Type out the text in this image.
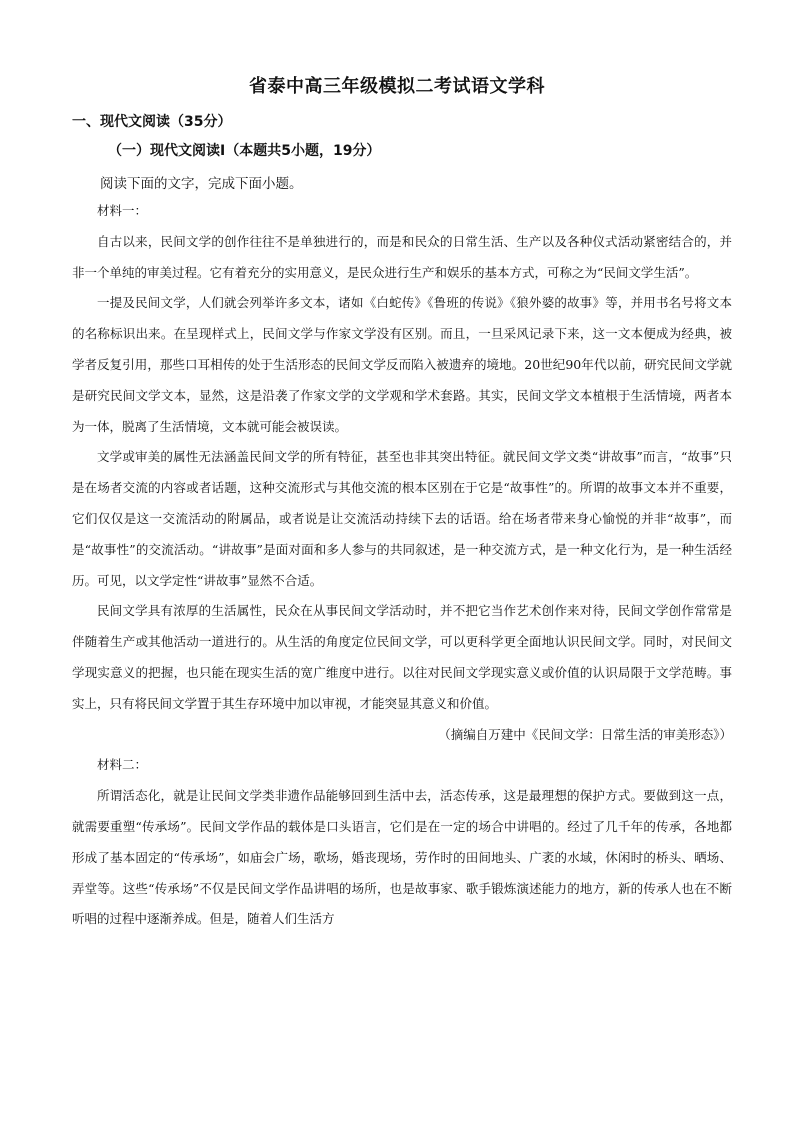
省泰中高三年级模拟二考试语文学科
一、现代文阅读（35分）
（一）现代文阅读Ⅰ（本题共5小题，19分）
阅读下面的文字，完成下面小题。

材料一：

自古以来，民间文学的创作往往不是单独进行的，而是和民众的日常生活、生产以及各种仪式活动紧密结合的，并非一个单纯的审美过程。它有着充分的实用意义，是民众进行生产和娱乐的基本方式，可称之为“民间文学生活”。

一提及民间文学，人们就会列举许多文本，诸如《白蛇传》《鲁班的传说》《狼外婆的故事》等，并用书名号将文本的名称标识出来。在呈现样式上，民间文学与作家文学没有区别。而且，一旦采风记录下来，这一文本便成为经典，被学者反复引用，那些口耳相传的处于生活形态的民间文学反而陷入被遗弃的境地。20世纪90年代以前，研究民间文学就是研究民间文学文本，显然，这是沿袭了作家文学的文学观和学术套路。其实，民间文学文本植根于生活情境，两者本为一体，脱离了生活情境，文本就可能会被误读。

文学或审美的属性无法涵盖民间文学的所有特征，甚至也非其突出特征。就民间文学文类“讲故事”而言，“故事”只是在场者交流的内容或者话题，这种交流形式与其他交流的根本区别在于它是“故事性”的。所谓的故事文本并不重要，它们仅仅是这一交流活动的附属品，或者说是让交流活动持续下去的话语。给在场者带来身心愉悦的并非“故事”，而是“故事性”的交流活动。“讲故事”是面对面和多人参与的共同叙述，是一种交流方式，是一种文化行为，是一种生活经历。可见，以文学定性“讲故事”显然不合适。

民间文学具有浓厚的生活属性，民众在从事民间文学活动时，并不把它当作艺术创作来对待，民间文学创作常常是伴随着生产或其他活动一道进行的。从生活的角度定位民间文学，可以更科学更全面地认识民间文学。同时，对民间文学现实意义的把握，也只能在现实生活的宽广维度中进行。以往对民间文学现实意义或价值的认识局限于文学范畴。事实上，只有将民间文学置于其生存环境中加以审视，才能突显其意义和价值。

（摘编自万建中《民间文学：日常生活的审美形态》）

材料二：

所谓活态化，就是让民间文学类非遗作品能够回到生活中去，活态传承，这是最理想的保护方式。要做到这一点，就需要重塑“传承场”。民间文学作品的载体是口头语言，它们是在一定的场合中讲唱的。经过了几千年的传承，各地都形成了基本固定的“传承场”，如庙会广场，歌场，婚丧现场，劳作时的田间地头、广袤的水域，休闲时的桥头、晒场、弄堂等。这些“传承场”不仅是民间文学作品讲唱的场所，也是故事家、歌手锻炼演述能力的地方，新的传承人也在不断听唱的过程中逐渐养成。但是，随着人们生活方
